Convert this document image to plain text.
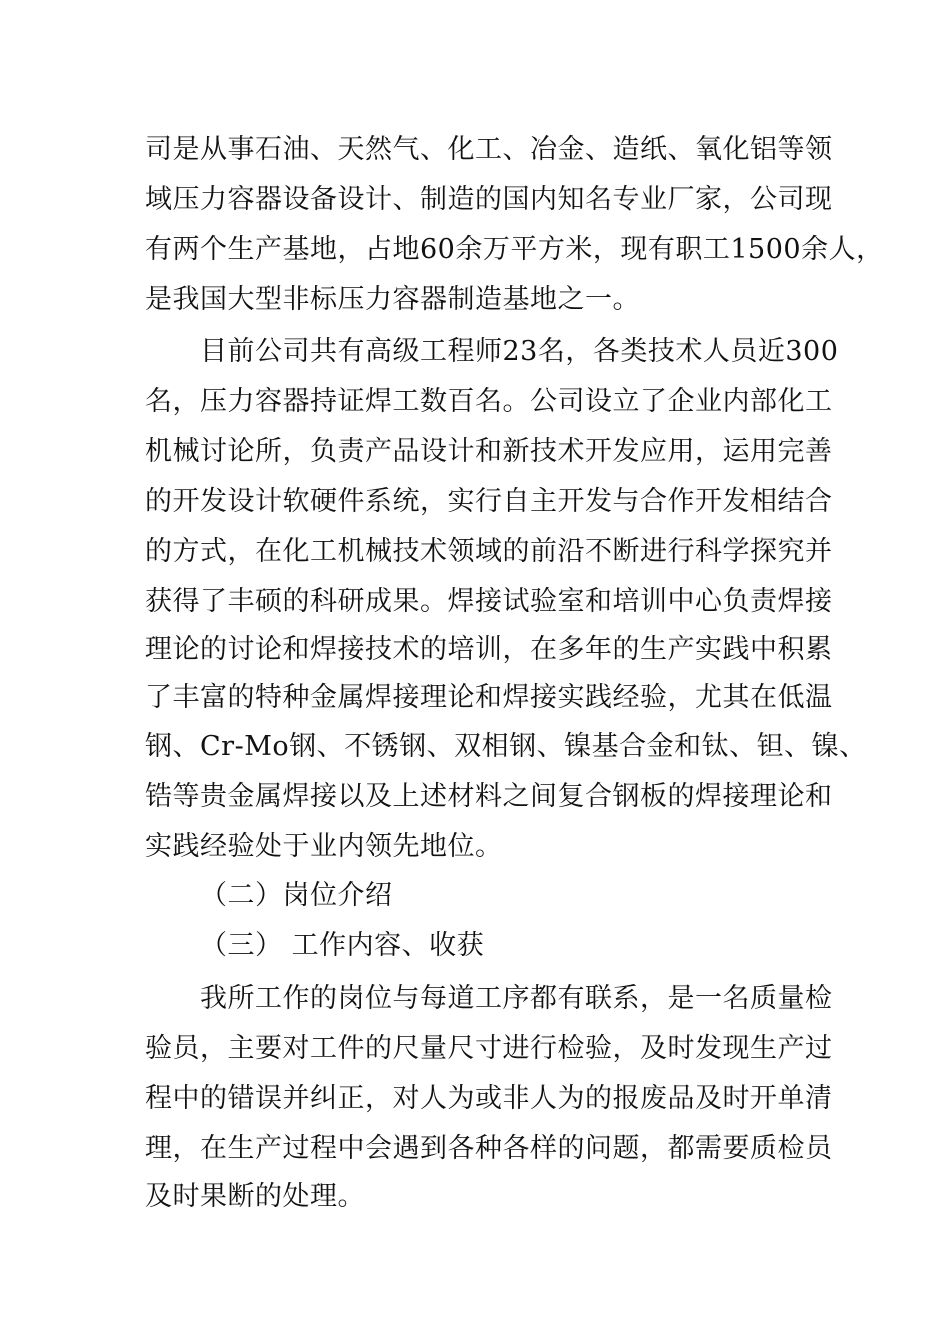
司是从事石油、天然气、化工、冶金、造纸、氧化铝等领
域压力容器设备设计、制造的国内知名专业厂家，公司现
有两个生产基地，占地60余万平方米，现有职工1500余人，
是我国大型非标压力容器制造基地之一。
目前公司共有高级工程师23名，各类技术人员近300
名，压力容器持证焊工数百名。公司设立了企业内部化工
机械讨论所，负责产品设计和新技术开发应用，运用完善
的开发设计软硬件系统，实行自主开发与合作开发相结合
的方式，在化工机械技术领域的前沿不断进行科学探究并
获得了丰硕的科研成果。焊接试验室和培训中心负责焊接
理论的讨论和焊接技术的培训，在多年的生产实践中积累
了丰富的特种金属焊接理论和焊接实践经验，尤其在低温
钢、Cr-Mo钢、不锈钢、双相钢、镍基合金和钛、钽、镍、
锆等贵金属焊接以及上述材料之间复合钢板的焊接理论和
实践经验处于业内领先地位。
（二）岗位介绍
（三） 工作内容、收获
我所工作的岗位与每道工序都有联系，是一名质量检
验员，主要对工件的尺量尺寸进行检验，及时发现生产过
程中的错误并纠正，对人为或非人为的报废品及时开单清
理，在生产过程中会遇到各种各样的问题，都需要质检员
及时果断的处理。
